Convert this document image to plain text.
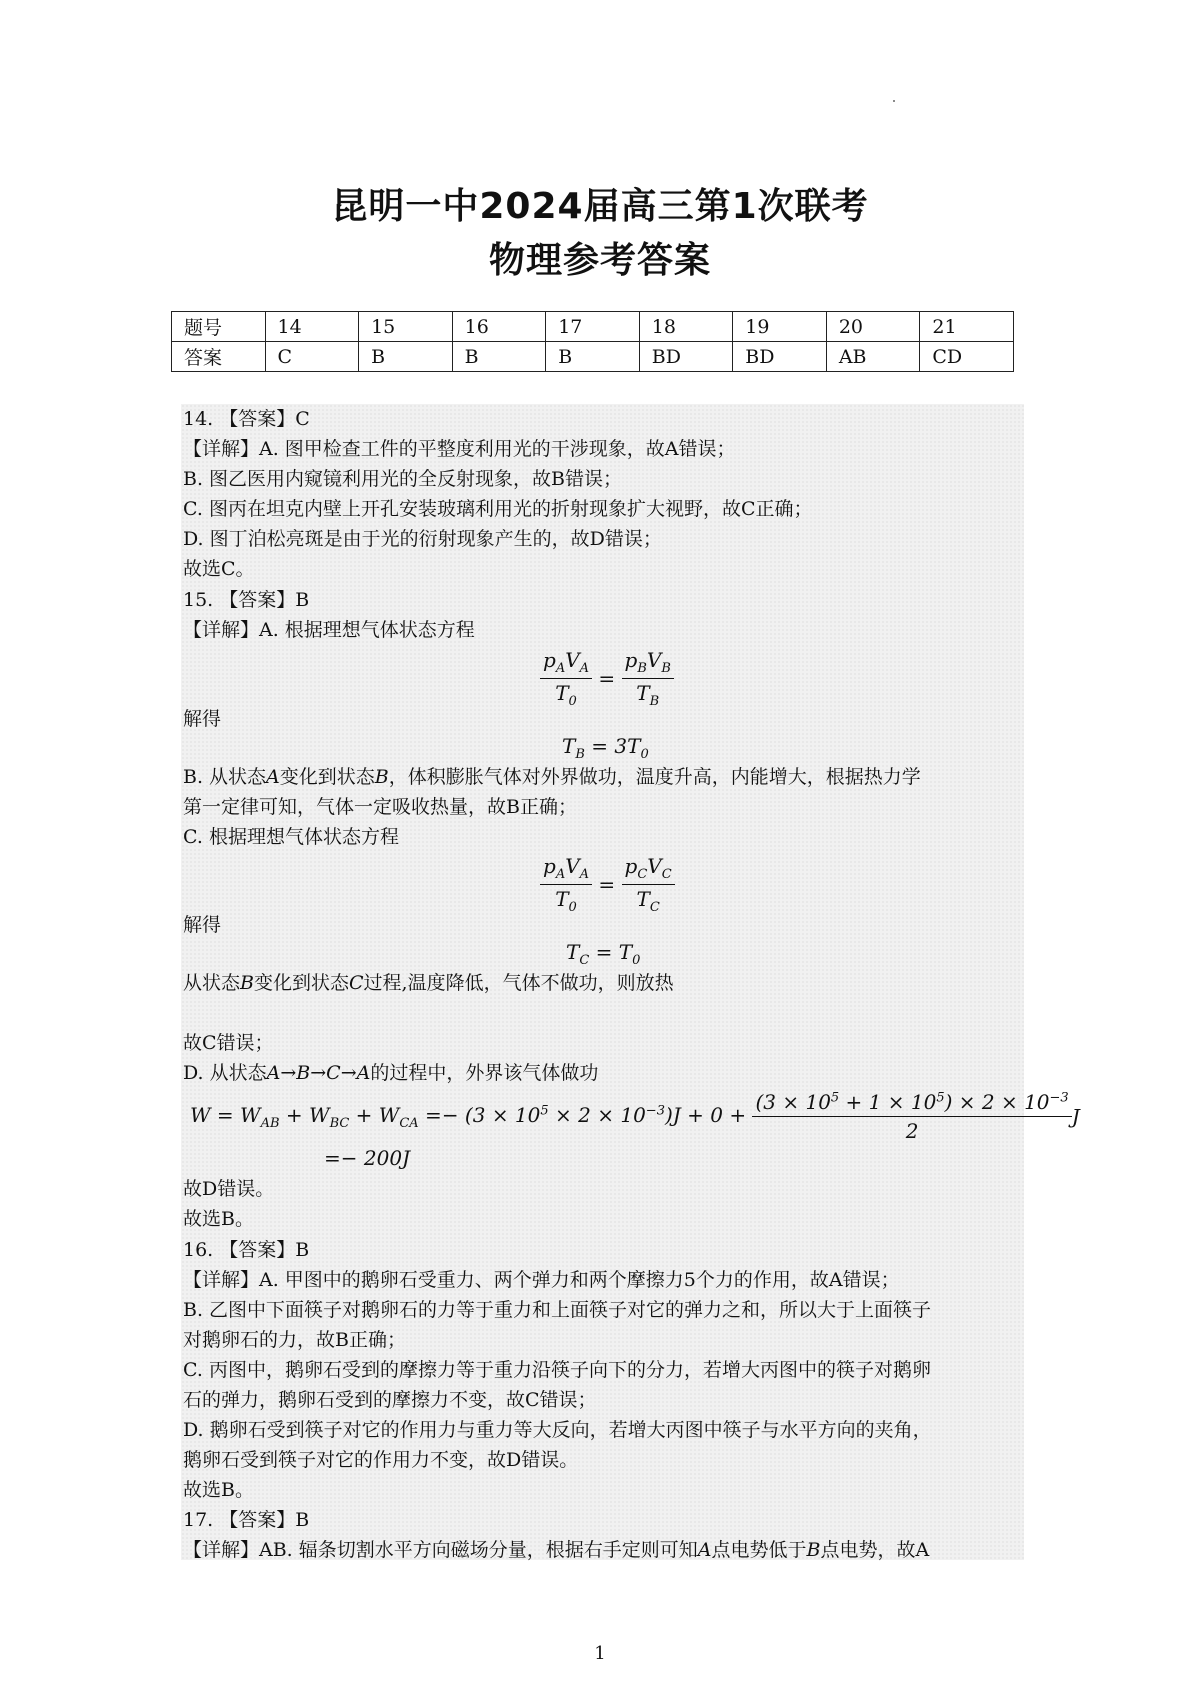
昆明一中2024届高三第1次联考
物理参考答案
题号	14	15	16	17	18	19	20	21
答案	C	B	B	B	BD	BD	AB	CD
14. 【答案】C
【详解】A. 图甲检查工件的平整度利用光的干涉现象，故A错误；
B. 图乙医用内窥镜利用光的全反射现象，故B错误；
C. 图丙在坦克内壁上开孔安装玻璃利用光的折射现象扩大视野，故C正确；
D. 图丁泊松亮斑是由于光的衍射现象产生的，故D错误；
故选C。
15. 【答案】B
【详解】A. 根据理想气体状态方程
$\frac{p_AV_A}{T_0} = \frac{p_BV_B}{T_B}$
解得
$T_B = 3T_0$
B. 从状态A变化到状态B，体积膨胀气体对外界做功，温度升高，内能增大，根据热力学
第一定律可知，气体一定吸收热量，故B正确；
C. 根据理想气体状态方程
$\frac{p_AV_A}{T_0} = \frac{p_CV_C}{T_C}$
解得
$T_C = T_0$
从状态B变化到状态C过程,温度降低，气体不做功，则放热
故C错误；
D. 从状态A→B→C→A的过程中，外界该气体做功
$W = W_{AB} + W_{BC} + W_{CA} =- (3 \times 10^5 \times 2 \times 10^{-3})J + 0 + \frac{(3 \times 10^5 + 1 \times 10^5) \times 2 \times 10^{-3}}{2}$ J
=− 200J
故D错误。
故选B。
16. 【答案】B
【详解】A. 甲图中的鹅卵石受重力、两个弹力和两个摩擦力5个力的作用，故A错误；
B. 乙图中下面筷子对鹅卵石的力等于重力和上面筷子对它的弹力之和，所以大于上面筷子
对鹅卵石的力，故B正确；
C. 丙图中，鹅卵石受到的摩擦力等于重力沿筷子向下的分力，若增大丙图中的筷子对鹅卵
石的弹力，鹅卵石受到的摩擦力不变，故C错误；
D. 鹅卵石受到筷子对它的作用力与重力等大反向，若增大丙图中筷子与水平方向的夹角，
鹅卵石受到筷子对它的作用力不变，故D错误。
故选B。
17. 【答案】B
【详解】AB. 辐条切割水平方向磁场分量，根据右手定则可知A点电势低于B点电势，故A
1
